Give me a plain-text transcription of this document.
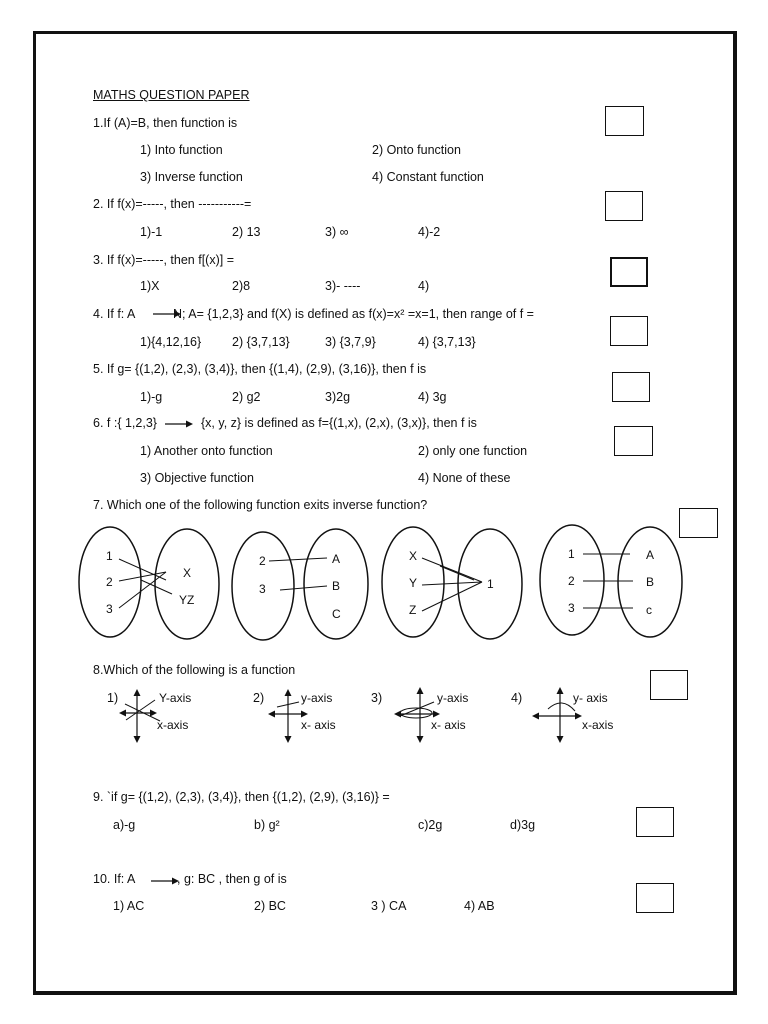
MATHS QUESTION PAPER
1.If (A)=B, then function is
1) Into function	2) Onto function
3) Inverse function	4) Constant function
2. If f(x)=-----, then -----------=
1)-1	2) 13	3) ∞	4)-2
3. If f(x)=-----, then f[(x)] =
1)X	2)8	3)- ----	4)
4. If f: A	N; A= {1,2,3} and f(X) is defined as f(x)=x² =x=1, then range of f =
1){4,12,16} 2) {3,7,13}	3) {3,7,9}	4) {3,7,13}
5. If g= {(1,2), (2,3), (3,4)}, then {(1,4), (2,9), (3,16)}, then f is
1)-g	2) g2	3)2g	4) 3g
6. f :{ 1,2,3}	{x, y, z} is defined as f={(1,x), (2,x), (3,x)}, then f is
1) Another onto function	2) only one function
3) Objective function	4) None of these
7. Which one of the following function exits inverse function?
1
2
3
X
YZ
2
3
A
B
C
X
Y
Z
1
1
2
3
A
B
c
8.Which of the following is a function
1)	Y-axis
x-axis
2)	y-axis
x- axis
3)	y-axis
x- axis
4)	y- axis
x-axis
9. `if g= {(1,2), (2,3), (3,4)}, then {(1,2), (2,9), (3,16)} =
a)-g	b) g²	c)2g	d)3g
10. If: A	, g: BC , then g of is
1) AC	2) BC	3 ) CA	4) AB
